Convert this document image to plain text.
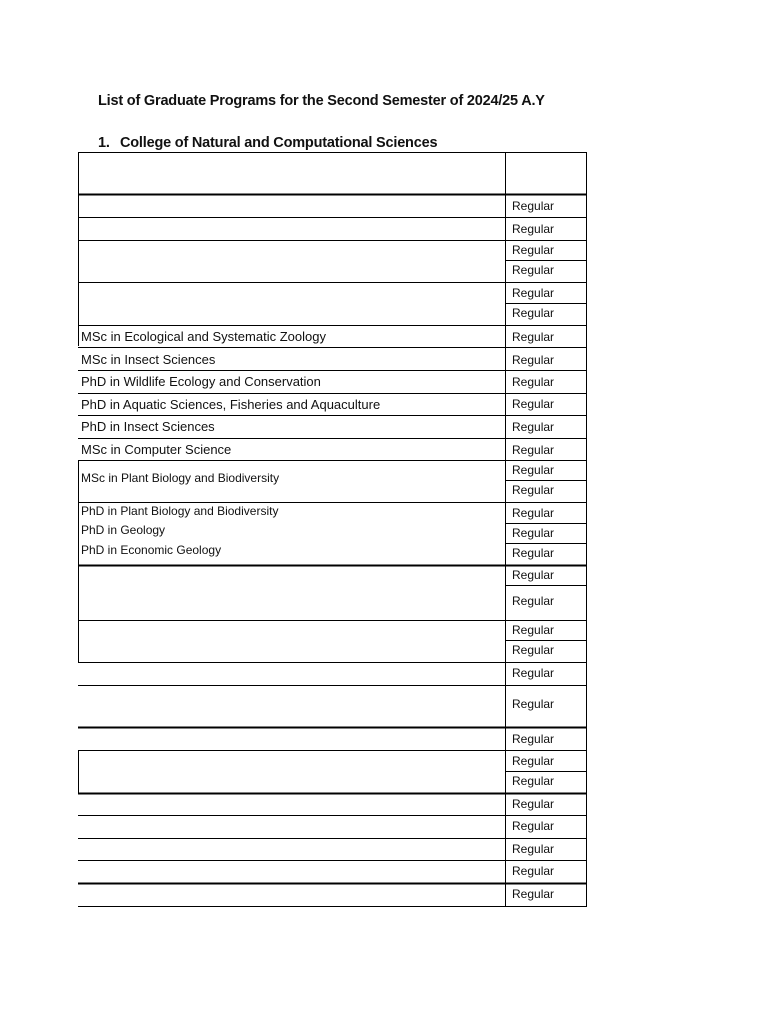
List of Graduate Programs for the Second Semester of 2024/25 A.Y
1. College of Natural and Computational Sciences
MSc in Ecological and Systematic Zoology
MSc in Insect Sciences
PhD in Wildlife Ecology and Conservation
PhD in Aquatic Sciences, Fisheries and Aquaculture
PhD in Insect Sciences
MSc in Computer Science
MSc in Plant Biology and Biodiversity
PhD in Plant Biology and Biodiversity
PhD in Geology
PhD in Economic Geology
Regular
Regular
Regular
Regular
Regular
Regular
Regular
Regular
Regular
Regular
Regular
Regular
Regular
Regular
Regular
Regular
Regular
Regular
Regular
Regular
Regular
Regular
Regular
Regular
Regular
Regular
Regular
Regular
Regular
Regular
Regular
